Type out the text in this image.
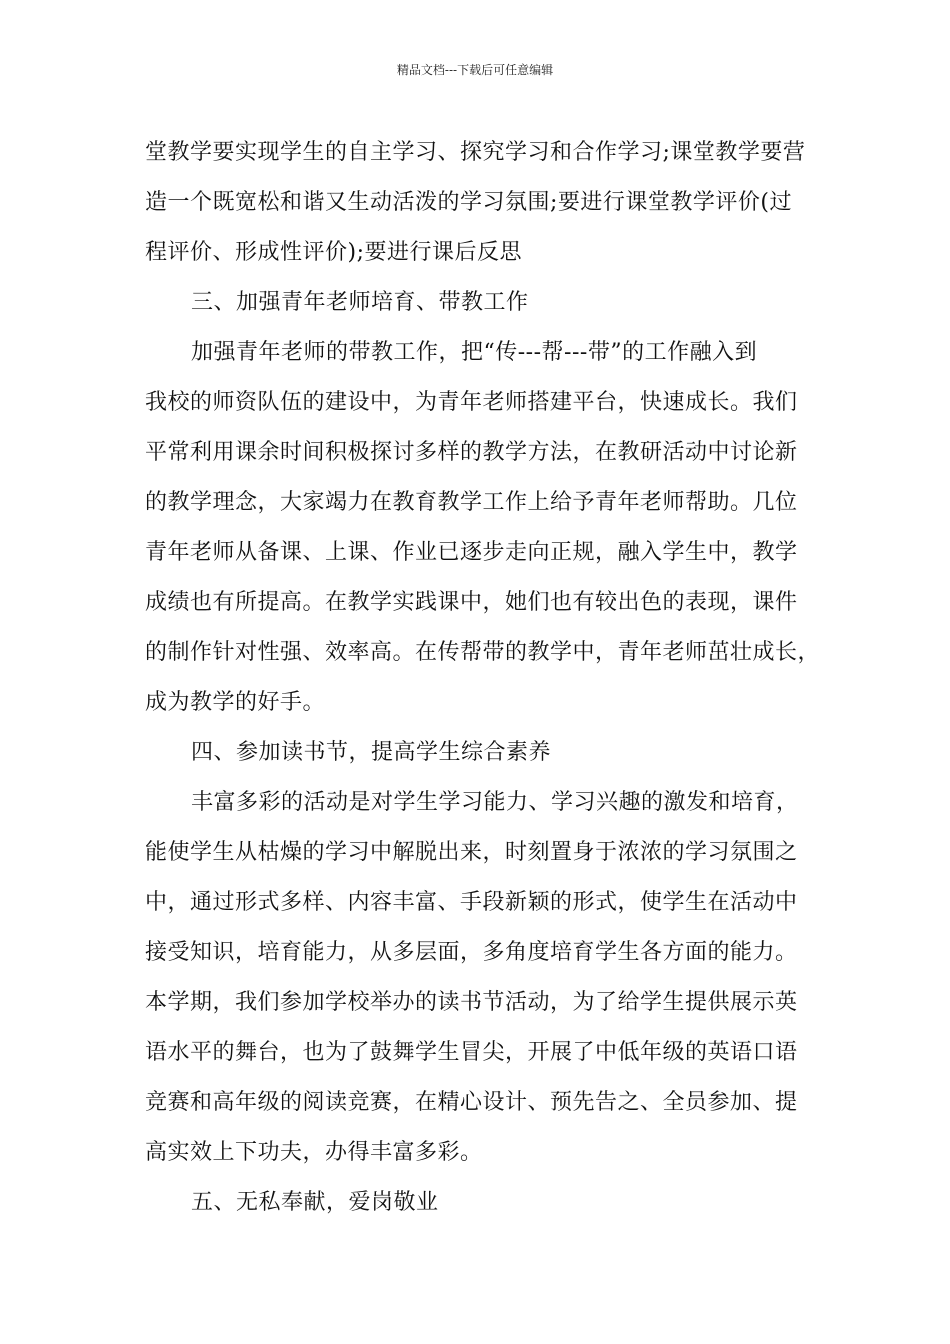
精品文档---下载后可任意编辑
堂教学要实现学生的自主学习、探究学习和合作学习;课堂教学要营
造一个既宽松和谐又生动活泼的学习氛围;要进行课堂教学评价(过
程评价、形成性评价);要进行课后反思
三、加强青年老师培育、带教工作
加强青年老师的带教工作，把“传---帮---带”的工作融入到
我校的师资队伍的建设中，为青年老师搭建平台，快速成长。我们
平常利用课余时间积极探讨多样的教学方法，在教研活动中讨论新
的教学理念，大家竭力在教育教学工作上给予青年老师帮助。几位
青年老师从备课、上课、作业已逐步走向正规，融入学生中，教学
成绩也有所提高。在教学实践课中，她们也有较出色的表现，课件
的制作针对性强、效率高。在传帮带的教学中，青年老师茁壮成长，
成为教学的好手。
四、参加读书节，提高学生综合素养
丰富多彩的活动是对学生学习能力、学习兴趣的激发和培育，
能使学生从枯燥的学习中解脱出来，时刻置身于浓浓的学习氛围之
中，通过形式多样、内容丰富、手段新颖的形式，使学生在活动中
接受知识，培育能力，从多层面，多角度培育学生各方面的能力。
本学期，我们参加学校举办的读书节活动，为了给学生提供展示英
语水平的舞台，也为了鼓舞学生冒尖，开展了中低年级的英语口语
竞赛和高年级的阅读竞赛，在精心设计、预先告之、全员参加、提
高实效上下功夫，办得丰富多彩。
五、无私奉献，爱岗敬业
